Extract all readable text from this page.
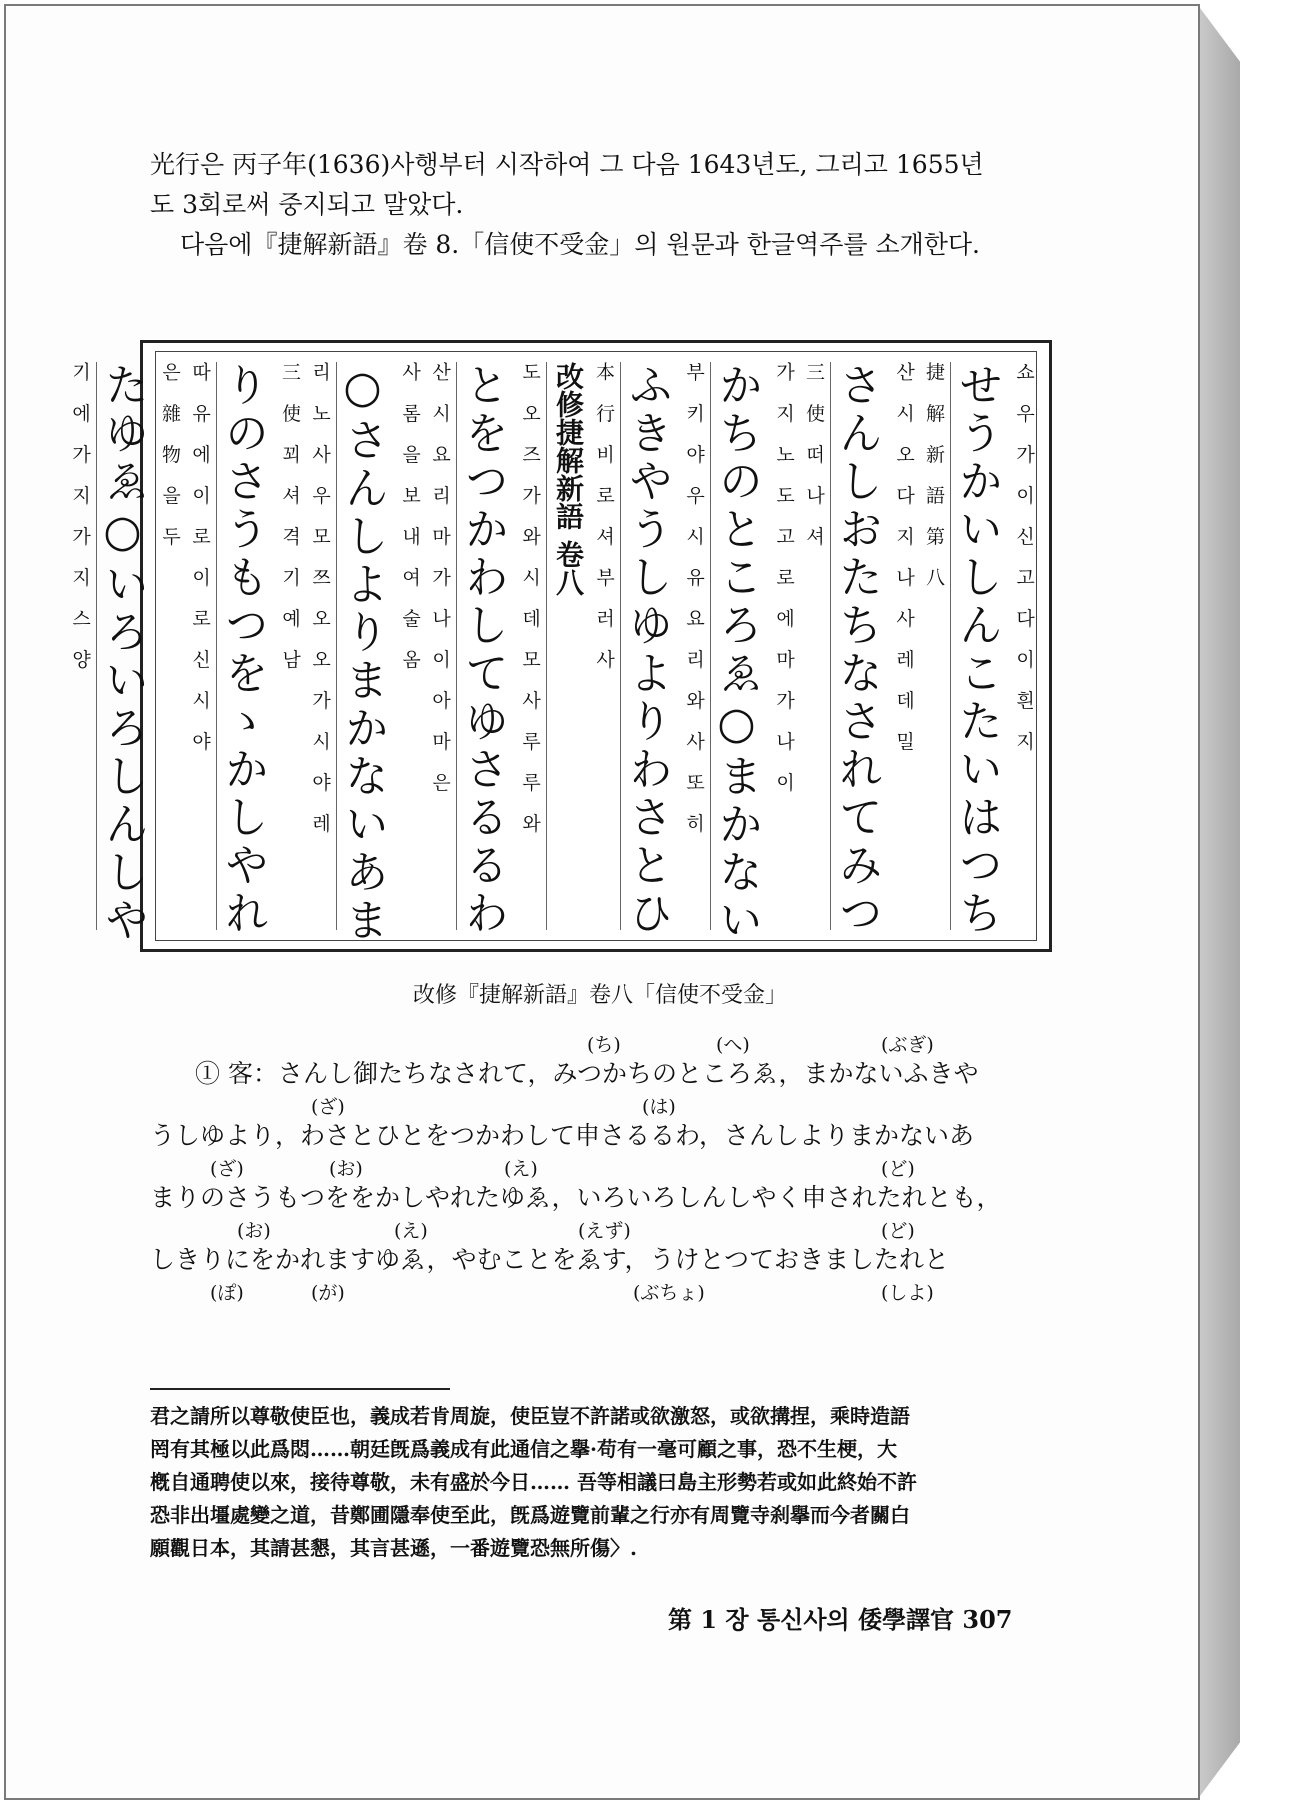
光行은 丙子年(1636)사행부터 시작하여 그 다음 1643년도, 그리고 1655년
도 3회로써 중지되고 말았다.
다음에『捷解新語』卷 8.「信使不受金」의 원문과 한글역주를 소개한다.
쇼 우 가 이 신 고 다 이 흰 지
せうかいしんこたいはつち
捷 解 新 語 第 八
산 시 오 다 지 나 사 레 데 밀
さんしおたちなされてみつ
三 使 떠 나 셔
가 지 노 도 고 로 에 마 가 나 이
かちのところゑ○まかない
부 키 야 우 시 유 요 리 와 사 또 히
ふきやうしゆよりわさとひ
本 行 비 로 셔 부 러 사
改修捷解新語 卷八
도 오 즈 가 와 시 데 모 사 루 루 와
とをつかわしてゆさるるわ
산 시 요 리 마 가 나 이 아 마 은
사 롬 을 보 내 여 술 옴
○さんしよりまかないあま
리 노 사 우 모 쯔 오 오 가 시 야 레
三 使 꾀 셔 격 기 예 남
りのさうもつをゝかしやれ
따 유 에 이 로 이 로 신 시 야
은 雜 物 을 두
たゆゑ○いろいろしんしや
기 에 가 지 가 지 스 양
改修『捷解新語』卷八「信使不受金」
(ち)	(へ)	(ぶぎ)
① 客：さんし御たちなされて，みつかちのところゑ，まかないふきや
(ざ)	(は)
うしゆより，わさとひとをつかわして申さるるわ，さんしよりまかないあ
(ざ)	(お)	(え)	(ど)
まりのさうもつををかしやれたゆゑ，いろいろしんしやく申されたれとも，
(お)	(え)	(えず)	(ど)
しきりにをかれますゆゑ，やむことをゑす，うけとつておきましたれと
(ぽ)	(が)	(ぶちょ)	(しよ)
君之請所以尊敬使臣也，義成若肯周旋，使臣豈不許諾或欲激怒，或欲搆捏，乘時造語
罔有其極以此爲悶……朝廷旣爲義成有此通信之擧·苟有一毫可顧之事，恐不生梗，大
槪自通聘使以來，接待尊敬，未有盛於今日…… 吾等相議曰島主形勢若或如此終始不許
恐非出壃處變之道，昔鄭圃隱奉使至此，旣爲遊覽前輩之行亦有周覽寺刹擧而今者關白
願觀日本，其請甚懇，其言甚遜，一番遊覽恐無所傷〉.
第 1 장 통신사의 倭學譯官 307
